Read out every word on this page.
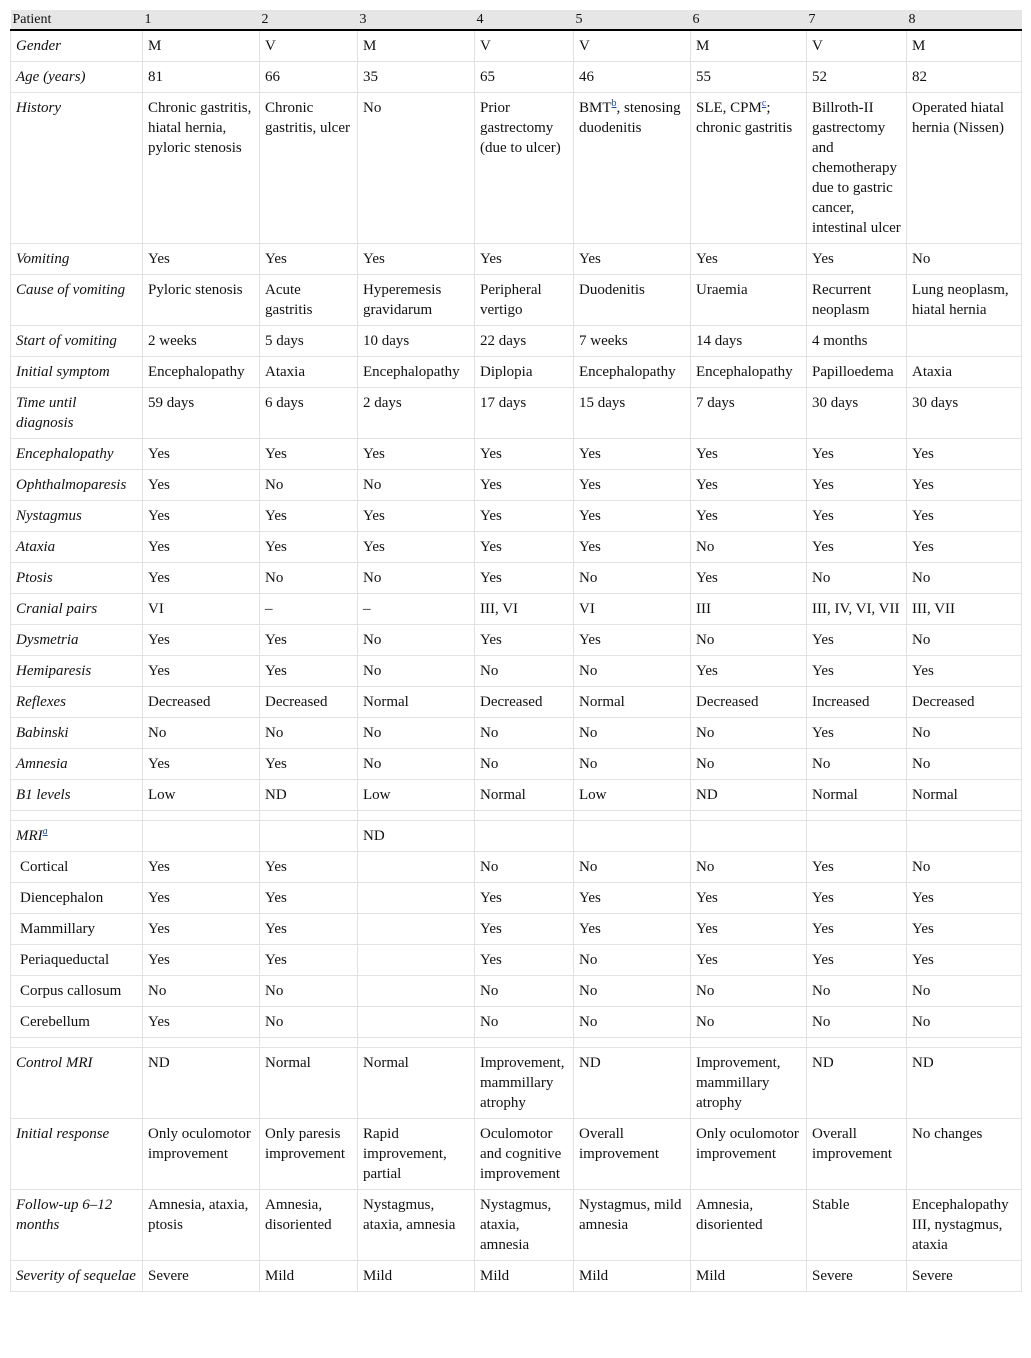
Patient	1	2	3	4	5	6	7	8
Gender	M	V	M	V	V	M	V	M
Age (years)	81	66	35	65	46	55	52	82
History	Chronic gastritis, hiatal hernia, pyloric stenosis	Chronic gastritis, ulcer	No	Prior gastrectomy (due to ulcer)	BMT$^b$, stenosing duodenitis	SLE, CPM$^c$; chronic gastritis	Billroth-II gastrectomy and chemotherapy due to gastric cancer, intestinal ulcer	Operated hiatal hernia (Nissen)
Vomiting	Yes	Yes	Yes	Yes	Yes	Yes	Yes	No
Cause of vomiting	Pyloric stenosis	Acute gastritis	Hyperemesis gravidarum	Peripheral vertigo	Duodenitis	Uraemia	Recurrent neoplasm	Lung neoplasm, hiatal hernia
Start of vomiting	2 weeks	5 days	10 days	22 days	7 weeks	14 days	4 months	
Initial symptom	Encephalopathy	Ataxia	Encephalopathy	Diplopia	Encephalopathy	Encephalopathy	Papilloedema	Ataxia
Time until diagnosis	59 days	6 days	2 days	17 days	15 days	7 days	30 days	30 days
Encephalopathy	Yes	Yes	Yes	Yes	Yes	Yes	Yes	Yes
Ophthalmoparesis	Yes	No	No	Yes	Yes	Yes	Yes	Yes
Nystagmus	Yes	Yes	Yes	Yes	Yes	Yes	Yes	Yes
Ataxia	Yes	Yes	Yes	Yes	Yes	No	Yes	Yes
Ptosis	Yes	No	No	Yes	No	Yes	No	No
Cranial pairs	VI	–	–	III, VI	VI	III	III, IV, VI, VII	III, VII
Dysmetria	Yes	Yes	No	Yes	Yes	No	Yes	No
Hemiparesis	Yes	Yes	No	No	No	Yes	Yes	Yes
Reflexes	Decreased	Decreased	Normal	Decreased	Normal	Decreased	Increased	Decreased
Babinski	No	No	No	No	No	No	Yes	No
Amnesia	Yes	Yes	No	No	No	No	No	No
B1 levels	Low	ND	Low	Normal	Low	ND	Normal	Normal

MRI$^a$			ND					
Cortical	Yes	Yes		No	No	No	Yes	No
Diencephalon	Yes	Yes		Yes	Yes	Yes	Yes	Yes
Mammillary	Yes	Yes		Yes	Yes	Yes	Yes	Yes
Periaqueductal	Yes	Yes		Yes	No	Yes	Yes	Yes
Corpus callosum	No	No		No	No	No	No	No
Cerebellum	Yes	No		No	No	No	No	No

Control MRI	ND	Normal	Normal	Improvement, mammillary atrophy	ND	Improvement, mammillary atrophy	ND	ND
Initial response	Only oculomotor improvement	Only paresis improvement	Rapid improvement, partial	Oculomotor and cognitive improvement	Overall improvement	Only oculomotor improvement	Overall improvement	No changes
Follow-up 6–12 months	Amnesia, ataxia, ptosis	Amnesia, disoriented	Nystagmus, ataxia, amnesia	Nystagmus, ataxia, amnesia	Nystagmus, mild amnesia	Amnesia, disoriented	Stable	Encephalopathy III, nystagmus, ataxia
Severity of sequelae	Severe	Mild	Mild	Mild	Mild	Mild	Severe	Severe
